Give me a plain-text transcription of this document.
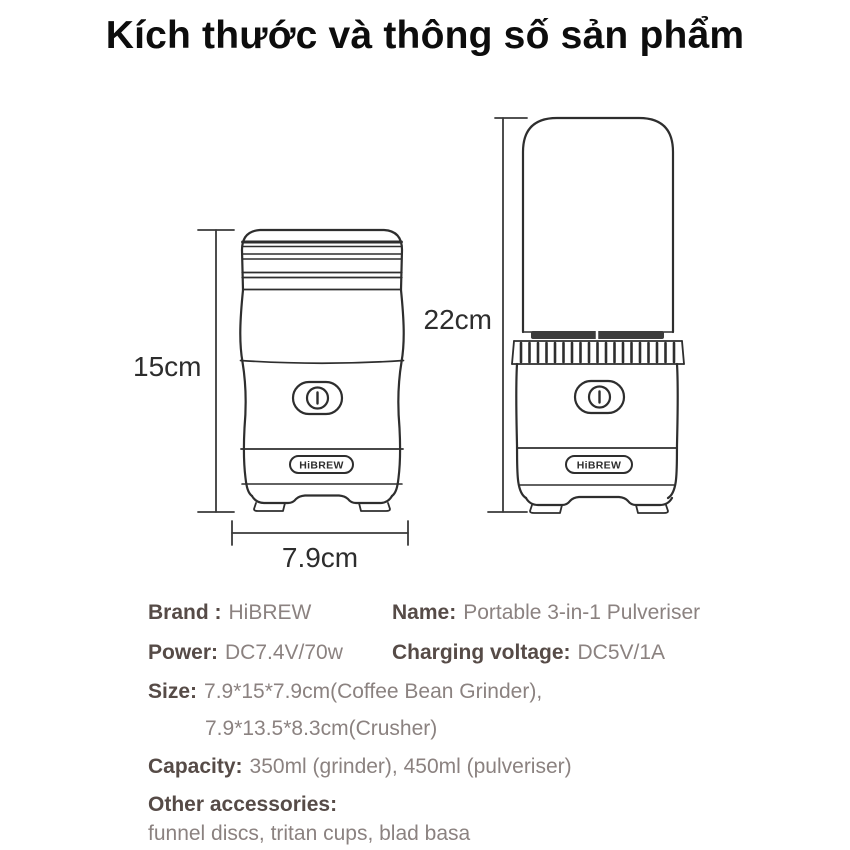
Kích thước và thông số sản phẩm
HiBREW	HiBREW
15cm
7.9cm
22cm
Brand : HiBREW	Name: Portable 3-in-1 Pulveriser
Power: DC7.4V/70w Charging voltage: DC5V/1A
Size: 7.9*15*7.9cm(Coffee Bean Grinder),
7.9*13.5*8.3cm(Crusher)
Capacity: 350ml (grinder), 450ml (pulveriser)
Other accessories:
funnel discs, tritan cups, blad basa
